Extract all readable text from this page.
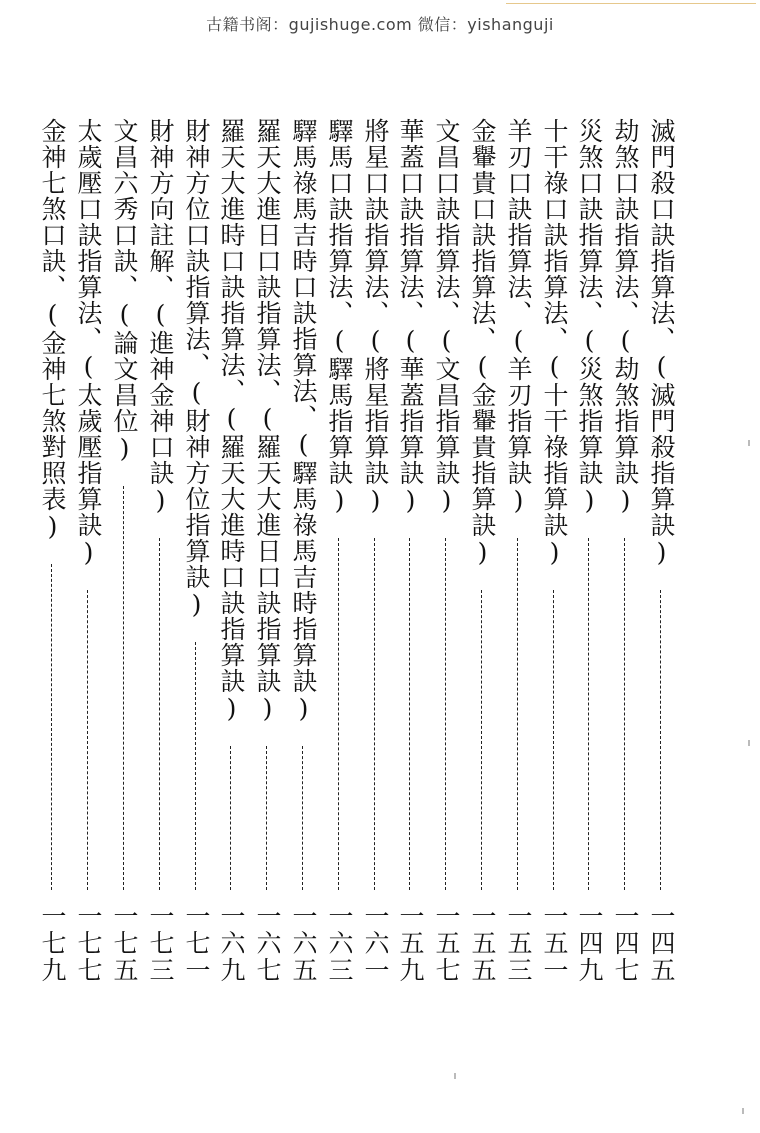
古籍书阁：gujishuge.com 微信：yishanguji
滅門殺口訣指算法、(滅門殺指算訣)
一四五
劫煞口訣指算法、(劫煞指算訣)
一四七
災煞口訣指算法、(災煞指算訣)
一四九
十干祿口訣指算法、(十干祿指算訣)
一五一
羊刃口訣指算法、(羊刃指算訣)
一五三
金轝貴口訣指算法、(金轝貴指算訣)
一五五
文昌口訣指算法、(文昌指算訣)
一五七
華蓋口訣指算法、(華蓋指算訣)
一五九
將星口訣指算法、(將星指算訣)
一六一
驛馬口訣指算法、(驛馬指算訣)
一六三
驛馬祿馬吉時口訣指算法、(驛馬祿馬吉時指算訣)
一六五
羅天大進日口訣指算法、(羅天大進日口訣指算訣)
一六七
羅天大進時口訣指算法、(羅天大進時口訣指算訣)
一六九
財神方位口訣指算法、(財神方位指算訣)
一七一
財神方向註解、(進神金神口訣)
一七三
文昌六秀口訣、(論文昌位)
一七五
太歲壓口訣指算法、(太歲壓指算訣)
一七七
金神七煞口訣、(金神七煞對照表)
一七九
